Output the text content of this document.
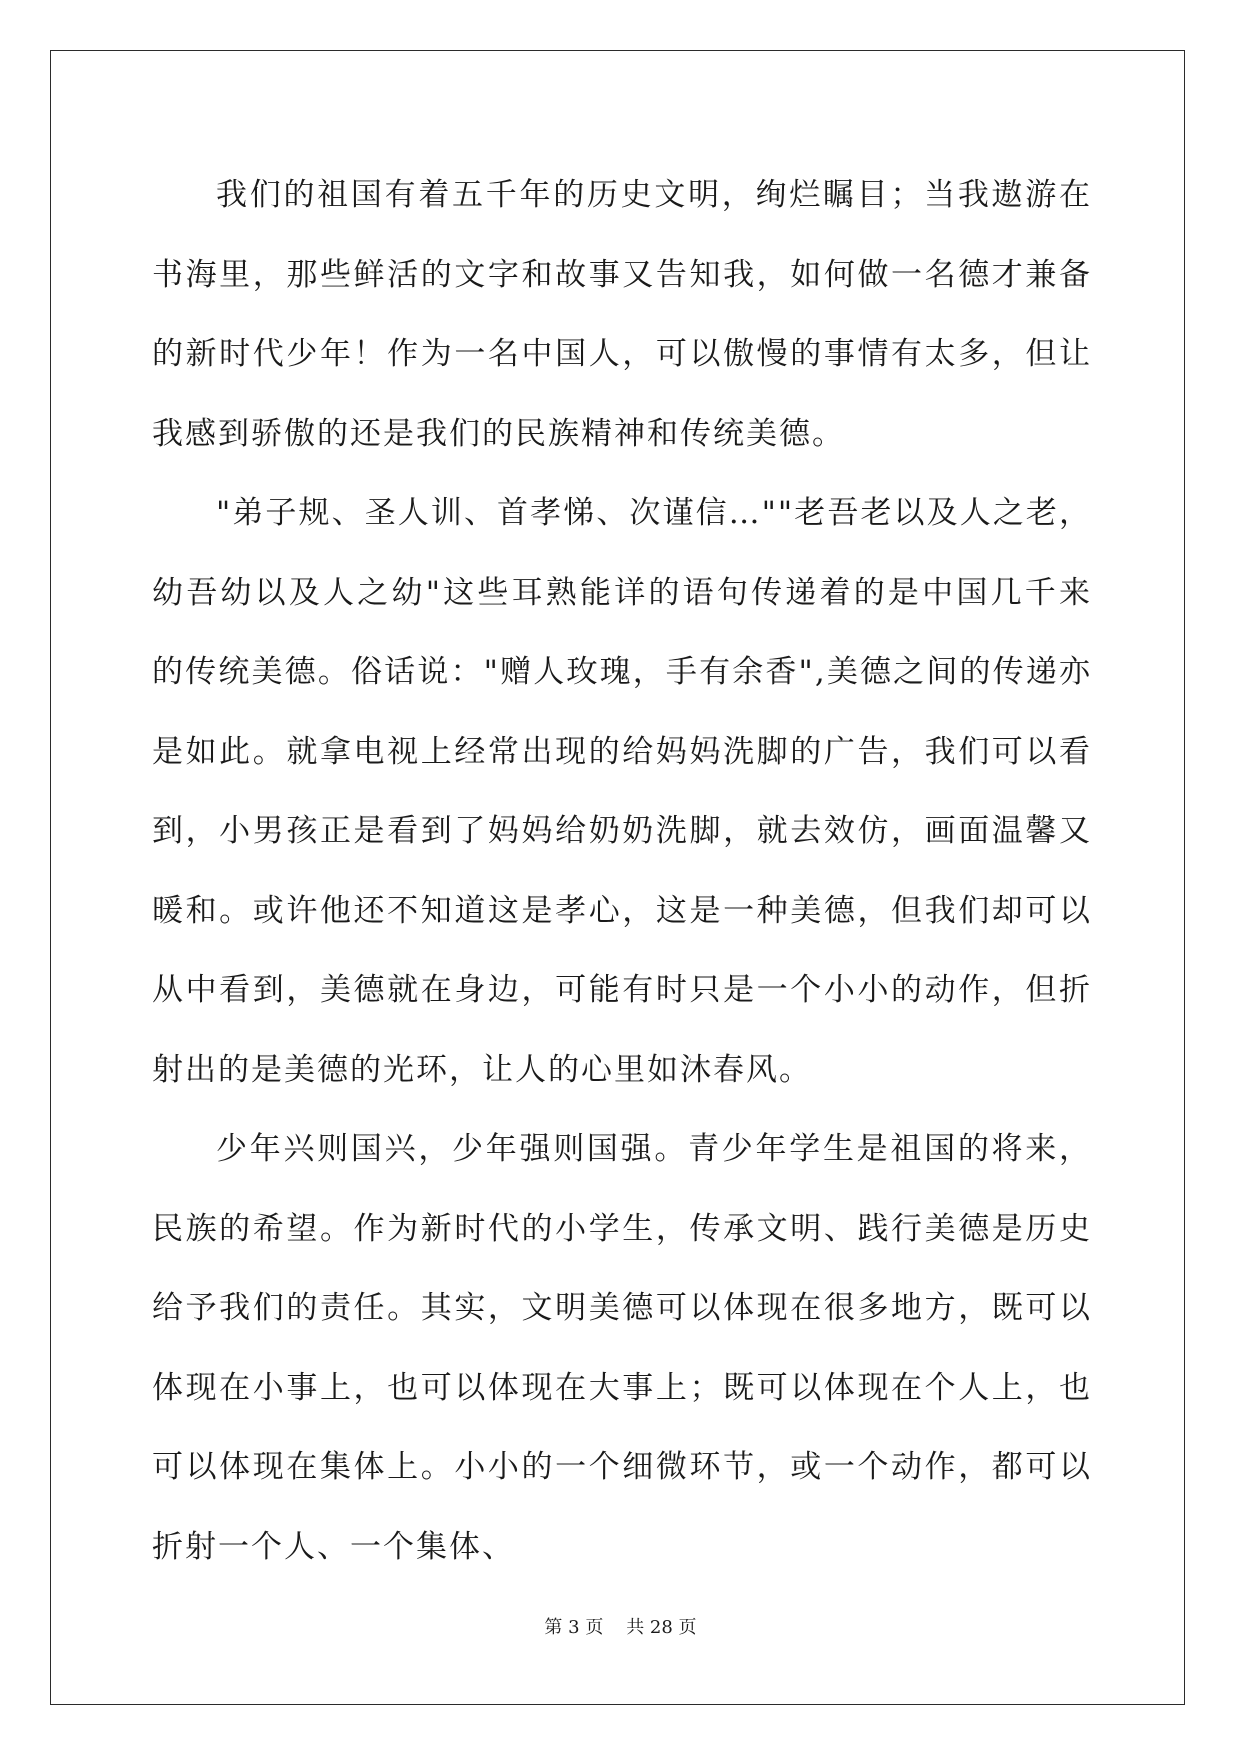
我们的祖国有着五千年的历史文明，绚烂瞩目；当我遨游在书海里，那些鲜活的文字和故事又告知我，如何做一名德才兼备的新时代少年！作为一名中国人，可以傲慢的事情有太多，但让我感到骄傲的还是我们的民族精神和传统美德。

"弟子规、圣人训、首孝悌、次谨信…""老吾老以及人之老，幼吾幼以及人之幼"这些耳熟能详的语句传递着的是中国几千来的传统美德。俗话说："赠人玫瑰，手有余香",美德之间的传递亦是如此。就拿电视上经常出现的给妈妈洗脚的广告，我们可以看到，小男孩正是看到了妈妈给奶奶洗脚，就去效仿，画面温馨又暖和。或许他还不知道这是孝心，这是一种美德，但我们却可以从中看到，美德就在身边，可能有时只是一个小小的动作，但折射出的是美德的光环，让人的心里如沐春风。

少年兴则国兴，少年强则国强。青少年学生是祖国的将来，民族的希望。作为新时代的小学生，传承文明、践行美德是历史给予我们的责任。其实，文明美德可以体现在很多地方，既可以体现在小事上，也可以体现在大事上；既可以体现在个人上，也可以体现在集体上。小小的一个细微环节，或一个动作，都可以折射一个人、一个集体、

第 3 页    共 28 页
